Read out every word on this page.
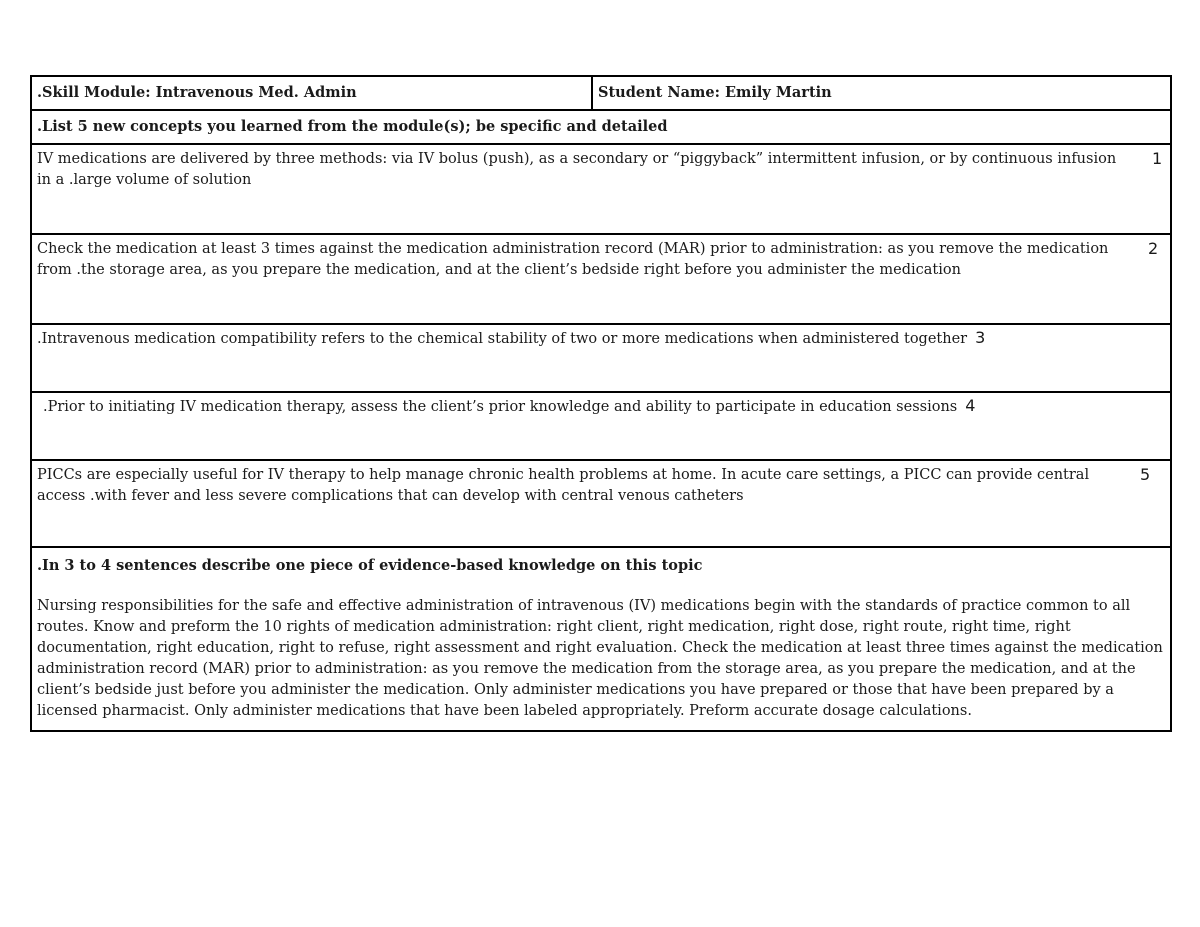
.Skill Module: Intravenous Med. Admin	Student Name: Emily Martin
.List 5 new concepts you learned from the module(s); be specific and detailed

IV medications are delivered by three methods: via IV bolus (push), as a secondary or “piggyback” intermittent infusion, or by continuous infusion in a .large volume of solution
1

Check the medication at least 3 times against the medication administration record (MAR) prior to administration: as you remove the medication from .the storage area, as you prepare the medication, and at the client’s bedside right before you administer the medication
2

.Intravenous medication compatibility refers to the chemical stability of two or more medications when administered together 3
.Prior to initiating IV medication therapy, assess the client’s prior knowledge and ability to participate in education sessions 4

PICCs are especially useful for IV therapy to help manage chronic health problems at home. In acute care settings, a PICC can provide central access .with fever and less severe complications that can develop with central venous catheters
5

.In 3 to 4 sentences describe one piece of evidence-based knowledge on this topic
Nursing responsibilities for the safe and effective administration of intravenous (IV) medications begin with the standards of practice common to all routes. Know and preform the 10 rights of medication administration: right client, right medication, right dose, right route, right time, right documentation, right education, right to refuse, right assessment and right evaluation. Check the medication at least three times against the medication administration record (MAR) prior to administration: as you remove the medication from the storage area, as you prepare the medication, and at the client’s bedside just before you administer the medication. Only administer medications you have prepared or those that have been prepared by a licensed pharmacist. Only administer medications that have been labeled appropriately. Preform accurate dosage calculations.
